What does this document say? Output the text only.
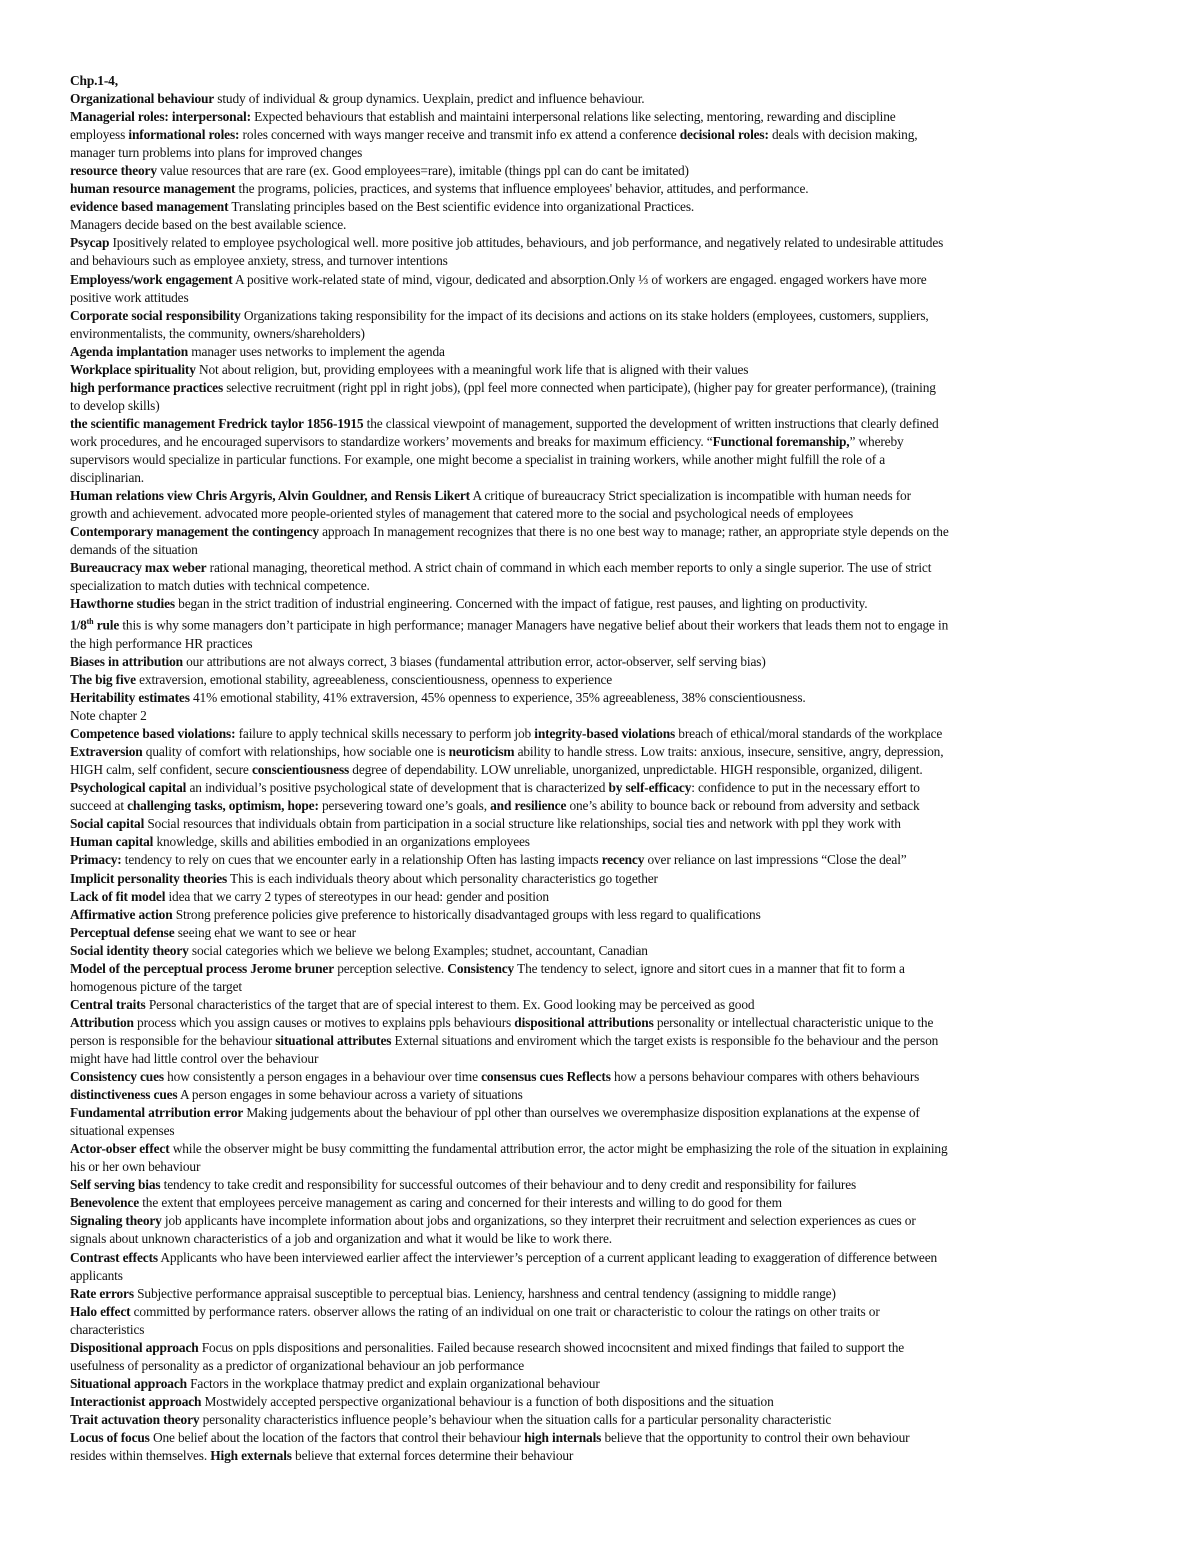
Chp.1-4,
Organizational behaviour study of individual & group dynamics. Uexplain, predict and influence behaviour.
Managerial roles: interpersonal: Expected behaviours that establish and maintaini interpersonal relations like selecting, mentoring, rewarding and discipline
employess informational roles: roles concerned with ways manger receive and transmit info ex attend a conference decisional roles: deals with decision making,
manager turn problems into plans for improved changes
resource theory value resources that are rare (ex. Good employees=rare), imitable (things ppl can do cant be imitated)
human resource management the programs, policies, practices, and systems that influence employees' behavior, attitudes, and performance.
evidence based management Translating principles based on the Best scientific evidence into organizational Practices.
Managers decide based on the best available science.
Psycap Ipositively related to employee psychological well. more positive job attitudes, behaviours, and job performance, and negatively related to undesirable attitudes
and behaviours such as employee anxiety, stress, and turnover intentions
Employess/work engagement A positive work-related state of mind, vigour, dedicated and absorption.Only ⅓ of workers are engaged. engaged workers have more
positive work attitudes
Corporate social responsibility Organizations taking responsibility for the impact of its decisions and actions on its stake holders (employees, customers, suppliers,
environmentalists, the community, owners/shareholders)
Agenda implantation manager uses networks to implement the agenda
Workplace spirituality Not about religion, but, providing employees with a meaningful work life that is aligned with their values
high performance practices selective recruitment (right ppl in right jobs), (ppl feel more connected when participate), (higher pay for greater performance), (training
to develop skills)
the scientific management Fredrick taylor 1856-1915 the classical viewpoint of management, supported the development of written instructions that clearly defined
work procedures, and he encouraged supervisors to standardize workers’ movements and breaks for maximum efficiency. “Functional foremanship,” whereby
supervisors would specialize in particular functions. For example, one might become a specialist in training workers, while another might fulfill the role of a
disciplinarian.
Human relations view Chris Argyris, Alvin Gouldner, and Rensis Likert A critique of bureaucracy Strict specialization is incompatible with human needs for
growth and achievement. advocated more people-oriented styles of management that catered more to the social and psychological needs of employees
Contemporary management the contingency approach In management recognizes that there is no one best way to manage; rather, an appropriate style depends on the
demands of the situation
Bureaucracy max weber rational managing, theoretical method. A strict chain of command in which each member reports to only a single superior. The use of strict
specialization to match duties with technical competence.
Hawthorne studies began in the strict tradition of industrial engineering. Concerned with the impact of fatigue, rest pauses, and lighting on productivity.
1/8th rule this is why some managers don’t participate in high performance; manager Managers have negative belief about their workers that leads them not to engage in
the high performance HR practices
Biases in attribution our attributions are not always correct, 3 biases (fundamental attribution error, actor-observer, self serving bias)
The big five extraversion, emotional stability, agreeableness, conscientiousness, openness to experience
Heritability estimates 41% emotional stability, 41% extraversion, 45% openness to experience, 35% agreeableness, 38% conscientiousness.
Note chapter 2
Competence based violations: failure to apply technical skills necessary to perform job integrity-based violations breach of ethical/moral standards of the workplace
Extraversion quality of comfort with relationships, how sociable one is neuroticism ability to handle stress. Low traits: anxious, insecure, sensitive, angry, depression,
HIGH calm, self confident, secure conscientiousness degree of dependability. LOW unreliable, unorganized, unpredictable. HIGH responsible, organized, diligent.
Psychological capital an individual’s positive psychological state of development that is characterized by self-efficacy: confidence to put in the necessary effort to
succeed at challenging tasks, optimism, hope: persevering toward one’s goals, and resilience one’s ability to bounce back or rebound from adversity and setback
Social capital Social resources that individuals obtain from participation in a social structure like relationships, social ties and network with ppl they work with
Human capital knowledge, skills and abilities embodied in an organizations employees
Primacy: tendency to rely on cues that we encounter early in a relationship Often has lasting impacts recency over reliance on last impressions “Close the deal”
Implicit personality theories This is each individuals theory about which personality characteristics go together
Lack of fit model idea that we carry 2 types of stereotypes in our head: gender and position
Affirmative action Strong preference policies give preference to historically disadvantaged groups with less regard to qualifications
Perceptual defense seeing ehat we want to see or hear
Social identity theory social categories which we believe we belong Examples; studnet, accountant, Canadian
Model of the perceptual process Jerome bruner perception selective. Consistency The tendency to select, ignore and sitort cues in a manner that fit to form a
homogenous picture of the target
Central traits Personal characteristics of the target that are of special interest to them. Ex. Good looking may be perceived as good
Attribution process which you assign causes or motives to explains ppls behaviours dispositional attributions personality or intellectual characteristic unique to the
person is responsible for the behaviour situational attributes External situations and enviroment which the target exists is responsible fo the behaviour and the person
might have had little control over the behaviour
Consistency cues how consistently a person engages in a behaviour over time consensus cues Reflects how a persons behaviour compares with others behaviours
distinctiveness cues A person engages in some behaviour across a variety of situations
Fundamental atrribution error Making judgements about the behaviour of ppl other than ourselves we overemphasize disposition explanations at the expense of
situational expenses
Actor-obser effect while the observer might be busy committing the fundamental attribution error, the actor might be emphasizing the role of the situation in explaining
his or her own behaviour
Self serving bias tendency to take credit and responsibility for successful outcomes of their behaviour and to deny credit and responsibility for failures
Benevolence the extent that employees perceive management as caring and concerned for their interests and willing to do good for them
Signaling theory job applicants have incomplete information about jobs and organizations, so they interpret their recruitment and selection experiences as cues or
signals about unknown characteristics of a job and organization and what it would be like to work there.
Contrast effects Applicants who have been interviewed earlier affect the interviewer’s perception of a current applicant leading to exaggeration of difference between
applicants
Rate errors Subjective performance appraisal susceptible to perceptual bias. Leniency, harshness and central tendency (assigning to middle range)
Halo effect committed by performance raters. observer allows the rating of an individual on one trait or characteristic to colour the ratings on other traits or
characteristics
Dispositional approach Focus on ppls dispositions and personalities. Failed because research showed incocnsitent and mixed findings that failed to support the
usefulness of personality as a predictor of organizational behaviour an job performance
Situational approach Factors in the workplace thatmay predict and explain organizational behaviour
Interactionist approach Mostwidely accepted perspective organizational behaviour is a function of both dispositions and the situation
Trait actuvation theory personality characteristics influence people’s behaviour when the situation calls for a particular personality characteristic
Locus of focus One belief about the location of the factors that control their behaviour high internals believe that the opportunity to control their own behaviour
resides within themselves. High externals believe that external forces determine their behaviour
